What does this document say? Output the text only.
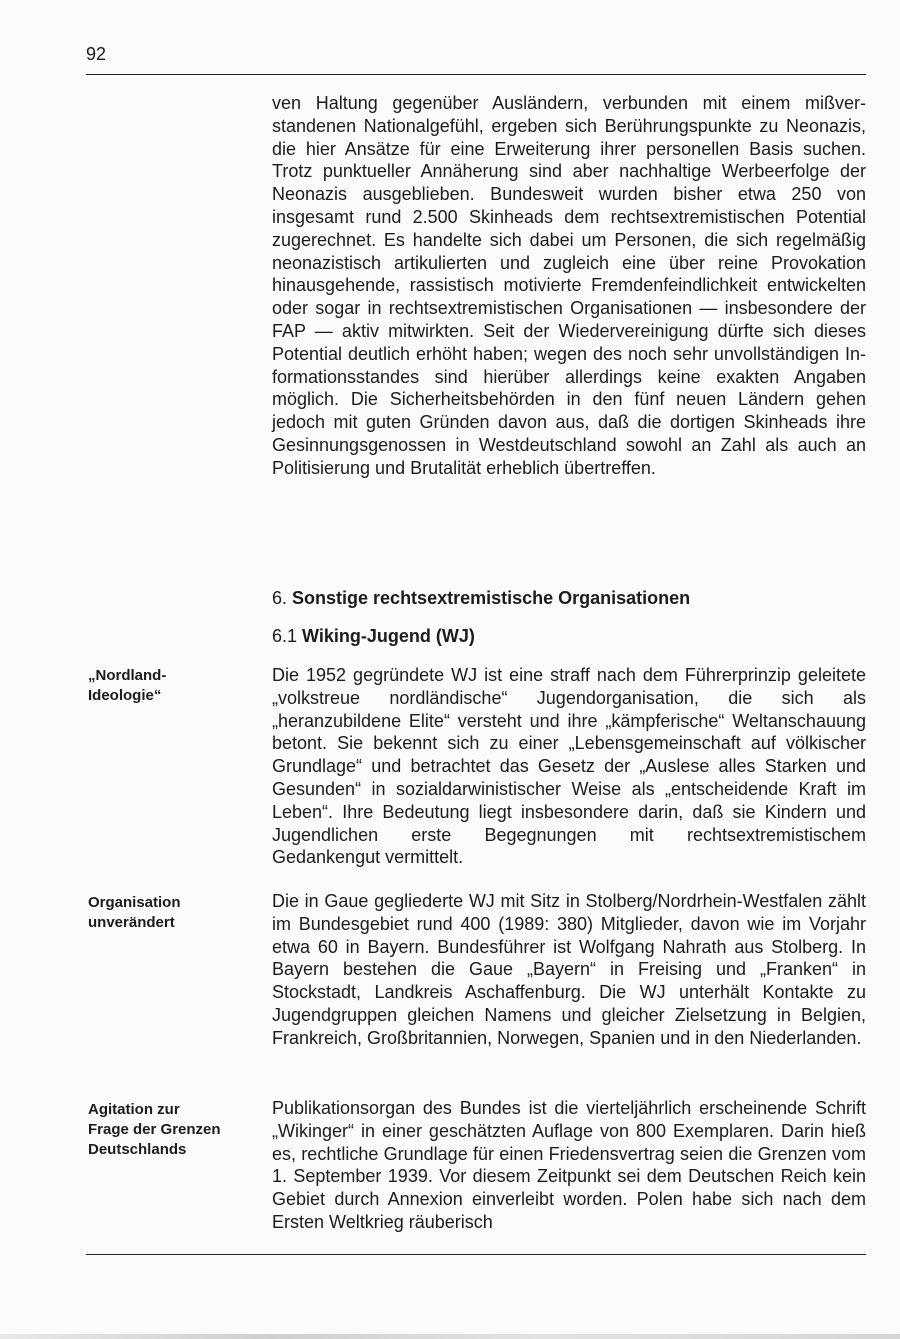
92

ven Haltung gegenüber Ausländern, verbunden mit einem mißverstandenen Nationalgefühl, ergeben sich Berührungspunkte zu Neonazis, die hier Ansätze für eine Erweiterung ihrer personellen Basis suchen. Trotz punktueller Annäherung sind aber nachhaltige Werbeerfolge der Neonazis ausgeblieben. Bundesweit wurden bisher etwa 250 von insgesamt rund 2.500 Skinheads dem rechtsextremistischen Potential zugerechnet. Es handelte sich dabei um Personen, die sich regelmäßig neonazistisch artikulierten und zugleich eine über reine Provokation hinausgehende, rassistisch motivierte Fremdenfeindlichkeit entwickelten oder sogar in rechtsextremistischen Organisationen — insbesondere der FAP — aktiv mitwirkten. Seit der Wiedervereinigung dürfte sich dieses Potential deutlich erhöht haben; wegen des noch sehr unvollständigen Informationsstandes sind hierüber allerdings keine exakten Angaben möglich. Die Sicherheitsbehörden in den fünf neuen Ländern gehen jedoch mit guten Gründen davon aus, daß die dortigen Skinheads ihre Gesinnungsgenossen in Westdeutschland sowohl an Zahl als auch an Politisierung und Brutalität erheblich übertreffen.

6. Sonstige rechtsextremistische Organisationen
6.1 Wiking-Jugend (WJ)
„Nordland-Ideologie“

Die 1952 gegründete WJ ist eine straff nach dem Führerprinzip geleitete „volkstreue nordländische“ Jugendorganisation, die sich als „heranzubildene Elite“ versteht und ihre „kämpferische“ Weltanschauung betont. Sie bekennt sich zu einer „Lebensgemeinschaft auf völkischer Grundlage“ und betrachtet das Gesetz der „Auslese alles Starken und Gesunden“ in sozialdarwinistischer Weise als „entscheidende Kraft im Leben“. Ihre Bedeutung liegt insbesondere darin, daß sie Kindern und Jugendlichen erste Begegnungen mit rechtsextremistischem Gedankengut vermittelt.

Organisation unverändert

Die in Gaue gegliederte WJ mit Sitz in Stolberg/Nordrhein-Westfalen zählt im Bundesgebiet rund 400 (1989: 380) Mitglieder, davon wie im Vorjahr etwa 60 in Bayern. Bundesführer ist Wolfgang Nahrath aus Stolberg. In Bayern bestehen die Gaue „Bayern“ in Freising und „Franken“ in Stockstadt, Landkreis Aschaffenburg. Die WJ unterhält Kontakte zu Jugendgruppen gleichen Namens und gleicher Zielsetzung in Belgien, Frankreich, Großbritannien, Norwegen, Spanien und in den Niederlanden.

Agitation zur Frage der Grenzen Deutschlands

Publikationsorgan des Bundes ist die vierteljährlich erscheinende Schrift „Wikinger“ in einer geschätzten Auflage von 800 Exemplaren. Darin hieß es, rechtliche Grundlage für einen Friedensvertrag seien die Grenzen vom 1. September 1939. Vor diesem Zeitpunkt sei dem Deutschen Reich kein Gebiet durch Annexion einverleibt worden. Polen habe sich nach dem Ersten Weltkrieg räuberisch
